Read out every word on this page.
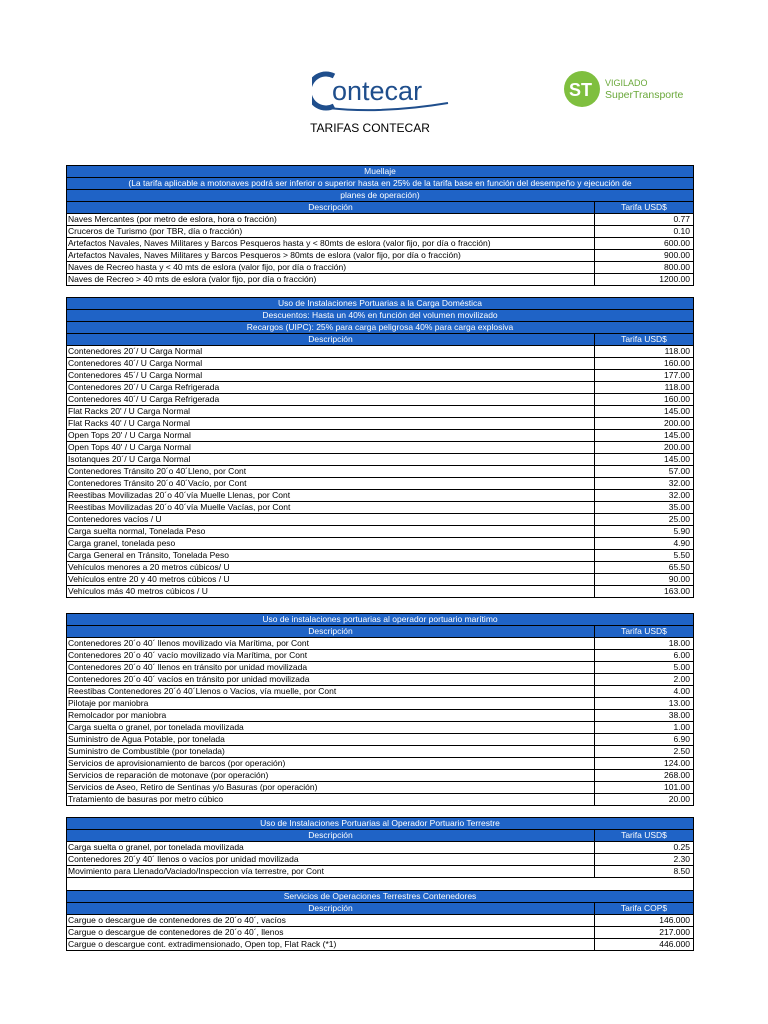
ontecar	ST VIGILADO
SuperTransporte
TARIFAS CONTECAR
Muellaje
(La tarifa aplicable a motonaves podrá ser inferior o superior hasta en 25% de la tarifa base en función del desempeño y ejecución de
planes de operación)
Descripción	Tarifa USD$
Naves Mercantes (por metro de eslora, hora o fracción)	0.77
Cruceros de Turismo (por TBR, día o fracción)	0.10
Artefactos Navales, Naves Militares y Barcos Pesqueros hasta y < 80mts de eslora (valor fijo, por día o fracción)	600.00
Artefactos Navales, Naves Militares y Barcos Pesqueros > 80mts de eslora (valor fijo, por día o fracción)	900.00
Naves de Recreo hasta y < 40 mts de eslora (valor fijo, por día o fracción)	800.00
Naves de Recreo > 40 mts de eslora (valor fijo, por día o fracción)	1200.00
Uso de Instalaciones Portuarias a la Carga Doméstica
Descuentos: Hasta un 40% en función del volumen movilizado
Recargos (UIPC): 25% para carga peligrosa 40% para carga explosiva
Descripción	Tarifa USD$
Contenedores 20´/ U Carga Normal	118.00
Contenedores 40´/ U Carga Normal	160.00
Contenedores 45´/ U Carga Normal	177.00
Contenedores 20´/ U Carga Refrigerada	118.00
Contenedores 40´/ U Carga Refrigerada	160.00
Flat Racks 20' / U Carga Normal	145.00
Flat Racks 40' / U Carga Normal	200.00
Open Tops 20' / U Carga Normal	145.00
Open Tops 40' / U Carga Normal	200.00
Isotanques 20´/ U Carga Normal	145.00
Contenedores Tránsito 20´o 40´Lleno, por Cont	57.00
Contenedores Tránsito 20´o 40´Vacío, por Cont	32.00
Reestibas Movilizadas 20´o 40´vía Muelle Llenas, por Cont	32.00
Reestibas Movilizadas 20´o 40´vía Muelle Vacías, por Cont	35.00
Contenedores vacíos / U	25.00
Carga suelta normal, Tonelada Peso	5.90
Carga granel, tonelada peso	4.90
Carga General en Tránsito, Tonelada Peso	5.50
Vehículos menores a 20 metros cúbicos/ U	65.50
Vehículos entre 20 y 40 metros cúbicos / U	90.00
Vehículos más 40 metros cúbicos / U	163.00
Uso de instalaciones portuarias al operador portuario marítimo
Descripción	Tarifa USD$
Contenedores 20´o 40´ llenos movilizado vía Marítima, por Cont	18.00
Contenedores 20´o 40´ vacío movilizado vía Marítima, por Cont	6.00
Contenedores 20´o 40´ llenos en tránsito por unidad movilizada	5.00
Contenedores 20´o 40´ vacíos en tránsito por unidad movilizada	2.00
Reestibas Contenedores 20´ó 40´Llenos o Vacíos, vía muelle, por Cont	4.00
Pilotaje por maniobra	13.00
Remolcador por maniobra	38.00
Carga suelta o granel, por tonelada movilizada	1.00
Suministro de Agua Potable, por tonelada	6.90
Suministro de Combustible (por tonelada)	2.50
Servicios de aprovisionamiento de barcos (por operación)	124.00
Servicios de reparación de motonave (por operación)	268.00
Servicios de Aseo, Retiro de Sentinas y/o Basuras (por operación)	101.00
Tratamiento de basuras por metro cúbico	20.00
Uso de Instalaciones Portuarias al Operador Portuario Terrestre
Descripción	Tarifa USD$
Carga suelta o granel, por tonelada movilizada	0.25
Contenedores 20´y 40´ llenos o vacíos por unidad movilizada	2.30
Movimiento para Llenado/Vaciado/Inspeccion vía terrestre, por Cont	8.50
Servicios de Operaciones Terrestres Contenedores
Descripción	Tarifa COP$
Cargue o descargue de contenedores de 20´o 40´, vacíos	146.000
Cargue o descargue de contenedores de 20´o 40´, llenos	217.000
Cargue o descargue cont. extradimensionado, Open top, Flat Rack (*1)	446.000
